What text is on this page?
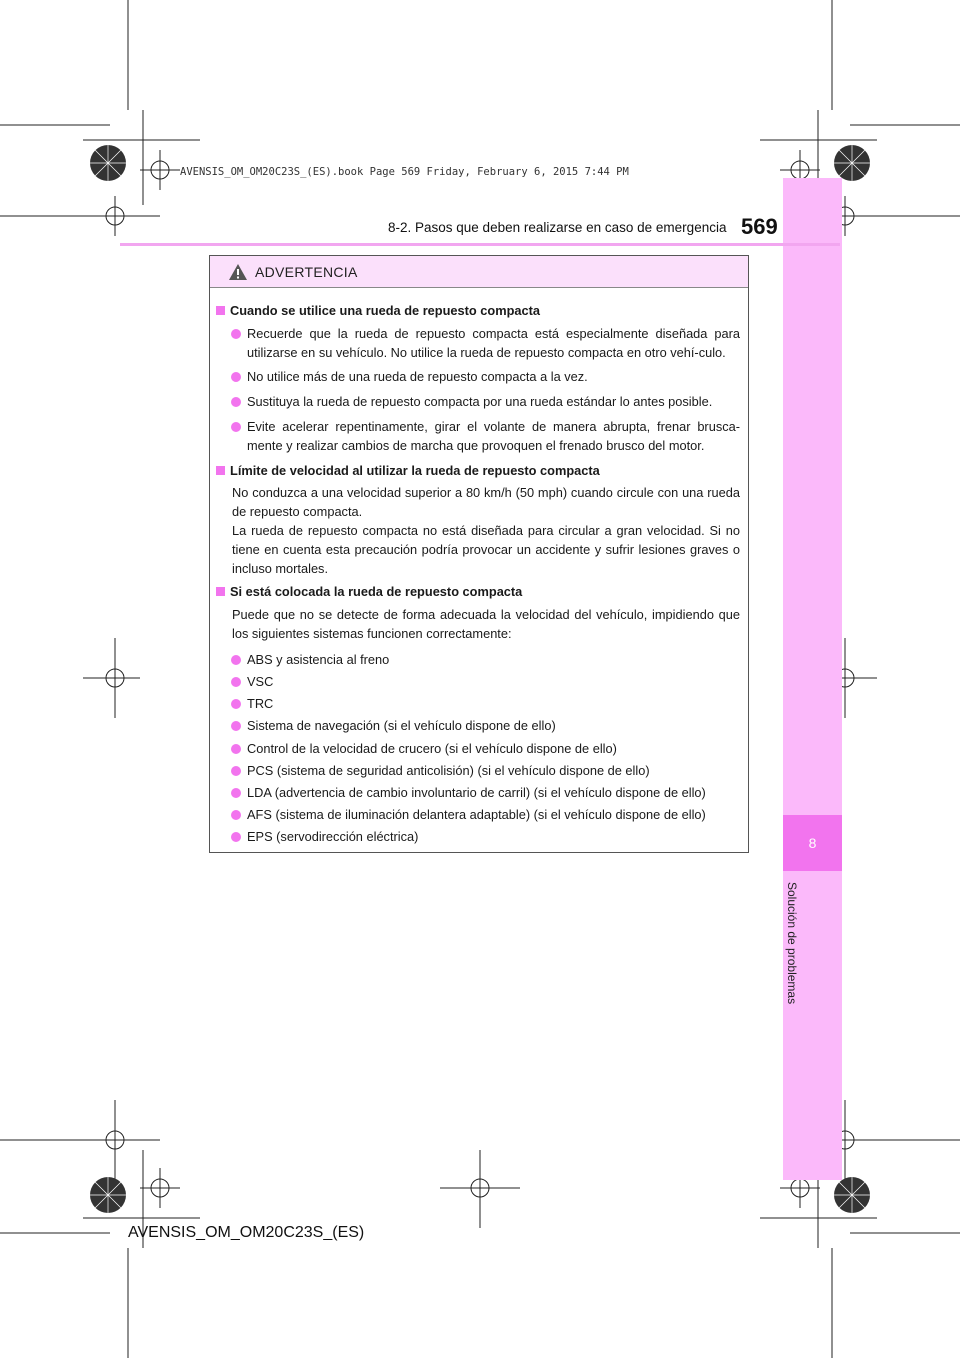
8
Solución de problemas
AVENSIS_OM_OM20C23S_(ES).book Page 569 Friday, February 6, 2015 7:44 PM
8-2. Pasos que deben realizarse en caso de emergencia 569
ADVERTENCIA
Cuando se utilice una rueda de repuesto compacta
Recuerde que la rueda de repuesto compacta está especialmente diseñada para utilizarse en su vehículo. No utilice la rueda de repuesto compacta en otro vehí-culo.
No utilice más de una rueda de repuesto compacta a la vez.
Sustituya la rueda de repuesto compacta por una rueda estándar lo antes posible.
Evite acelerar repentinamente, girar el volante de manera abrupta, frenar brusca-mente y realizar cambios de marcha que provoquen el frenado brusco del motor.
Límite de velocidad al utilizar la rueda de repuesto compacta
No conduzca a una velocidad superior a 80 km/h (50 mph) cuando circule con una rueda de repuesto compacta.
La rueda de repuesto compacta no está diseñada para circular a gran velocidad. Si no tiene en cuenta esta precaución podría provocar un accidente y sufrir lesiones graves o incluso mortales.
Si está colocada la rueda de repuesto compacta
Puede que no se detecte de forma adecuada la velocidad del vehículo, impidiendo que los siguientes sistemas funcionen correctamente:
ABS y asistencia al freno
VSC
TRC
Sistema de navegación (si el vehículo dispone de ello)
Control de la velocidad de crucero (si el vehículo dispone de ello)
PCS (sistema de seguridad anticolisión) (si el vehículo dispone de ello)
LDA (advertencia de cambio involuntario de carril) (si el vehículo dispone de ello)
AFS (sistema de iluminación delantera adaptable) (si el vehículo dispone de ello)
EPS (servodirección eléctrica)
AVENSIS_OM_OM20C23S_(ES)
